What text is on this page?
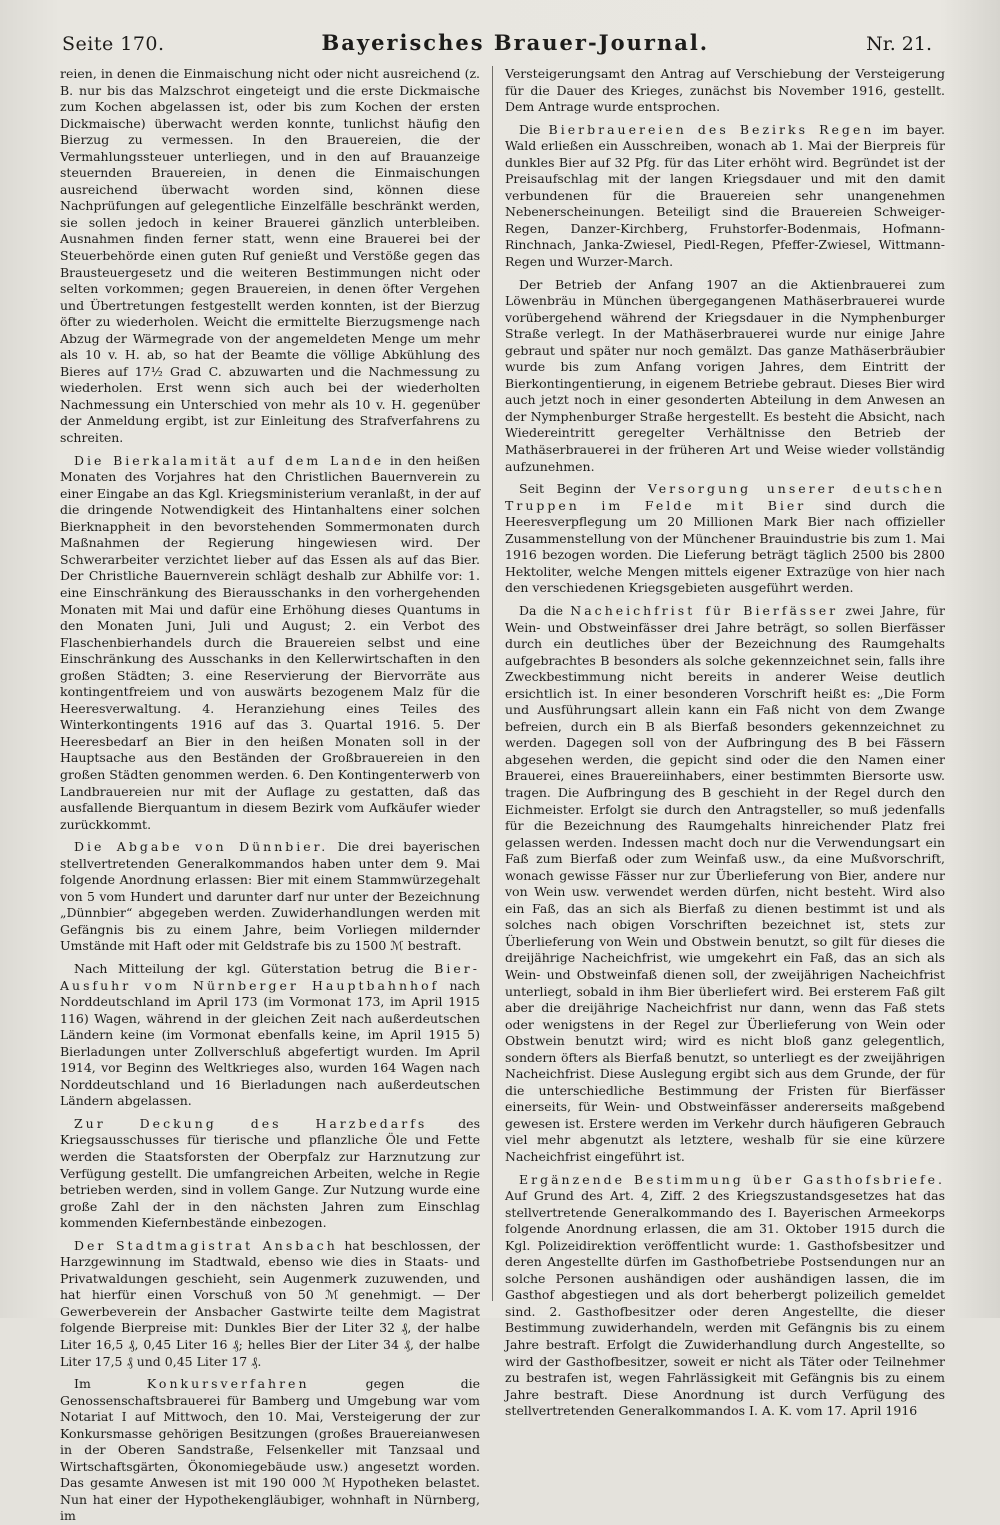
Seite 170.	Bayerisches Brauer-Journal.	Nr. 21.

reien, in denen die Einmaischung nicht oder nicht ausreichend (z. B. nur bis das Malzschrot eingeteigt und die erste Dickmaische zum Kochen abgelassen ist, oder bis zum Kochen der ersten Dickmaische) überwacht werden konnte, tunlichst häufig den Bierzug zu vermessen. In den Brauereien, die der Vermahlungssteuer unterliegen, und in den auf Brauanzeige steuernden Brauereien, in denen die Einmaischungen ausreichend überwacht worden sind, können diese Nachprüfungen auf gelegentliche Einzelfälle beschränkt werden, sie sollen jedoch in keiner Brauerei gänzlich unterbleiben. Ausnahmen finden ferner statt, wenn eine Brauerei bei der Steuerbehörde einen guten Ruf genießt und Verstöße gegen das Brausteuergesetz und die weiteren Bestimmungen nicht oder selten vorkommen; gegen Brauereien, in denen öfter Vergehen und Übertretungen festgestellt werden konnten, ist der Bierzug öfter zu wiederholen. Weicht die ermittelte Bierzugsmenge nach Abzug der Wärmegrade von der angemeldeten Menge um mehr als 10 v. H. ab, so hat der Beamte die völlige Abkühlung des Bieres auf 17½ Grad C. abzuwarten und die Nachmessung zu wiederholen. Erst wenn sich auch bei der wiederholten Nachmessung ein Unterschied von mehr als 10 v. H. gegenüber der Anmeldung ergibt, ist zur Einleitung des Strafverfahrens zu schreiten.

Die Bierkalamität auf dem Lande in den heißen Monaten des Vorjahres hat den Christlichen Bauernverein zu einer Eingabe an das Kgl. Kriegsministerium veranlaßt, in der auf die dringende Notwendigkeit des Hintanhaltens einer solchen Bierknappheit in den bevorstehenden Sommermonaten durch Maßnahmen der Regierung hingewiesen wird. Der Schwerarbeiter verzichtet lieber auf das Essen als auf das Bier. Der Christliche Bauernverein schlägt deshalb zur Abhilfe vor: 1. eine Einschränkung des Bierausschanks in den vorhergehenden Monaten mit Mai und dafür eine Erhöhung dieses Quantums in den Monaten Juni, Juli und August; 2. ein Verbot des Flaschenbierhandels durch die Brauereien selbst und eine Einschränkung des Ausschanks in den Kellerwirtschaften in den großen Städten; 3. eine Reservierung der Biervorräte aus kontingentfreiem und von auswärts bezogenem Malz für die Heeresverwaltung. 4. Heranziehung eines Teiles des Winterkontingents 1916 auf das 3. Quartal 1916. 5. Der Heeresbedarf an Bier in den heißen Monaten soll in der Hauptsache aus den Beständen der Großbrauereien in den großen Städten genommen werden. 6. Den Kontingenterwerb von Landbrauereien nur mit der Auflage zu gestatten, daß das ausfallende Bierquantum in diesem Bezirk vom Aufkäufer wieder zurückkommt.

Die Abgabe von Dünnbier. Die drei bayerischen stellvertretenden Generalkommandos haben unter dem 9. Mai folgende Anordnung erlassen: Bier mit einem Stammwürzegehalt von 5 vom Hundert und darunter darf nur unter der Bezeichnung „Dünnbier“ abgegeben werden. Zuwiderhandlungen werden mit Gefängnis bis zu einem Jahre, beim Vorliegen mildernder Umstände mit Haft oder mit Geldstrafe bis zu 1500 ℳ bestraft.

Nach Mitteilung der kgl. Güterstation betrug die Bier-Ausfuhr vom Nürnberger Hauptbahnhof nach Norddeutschland im April 173 (im Vormonat 173, im April 1915 116) Wagen, während in der gleichen Zeit nach außerdeutschen Ländern keine (im Vormonat ebenfalls keine, im April 1915 5) Bierladungen unter Zollverschluß abgefertigt wurden. Im April 1914, vor Beginn des Weltkrieges also, wurden 164 Wagen nach Norddeutschland und 16 Bierladungen nach außerdeutschen Ländern abgelassen.

Zur Deckung des Harzbedarfs des Kriegsausschusses für tierische und pflanzliche Öle und Fette werden die Staatsforsten der Oberpfalz zur Harznutzung zur Verfügung gestellt. Die umfangreichen Arbeiten, welche in Regie betrieben werden, sind in vollem Gange. Zur Nutzung wurde eine große Zahl der in den nächsten Jahren zum Einschlag kommenden Kiefernbestände einbezogen.

Der Stadtmagistrat Ansbach hat beschlossen, der Harzgewinnung im Stadtwald, ebenso wie dies in Staats- und Privatwaldungen geschieht, sein Augenmerk zuzuwenden, und hat hierfür einen Vorschuß von 50 ℳ genehmigt. — Der Gewerbeverein der Ansbacher Gastwirte teilte dem Magistrat folgende Bierpreise mit: Dunkles Bier der Liter 32 ₰, der halbe Liter 16,5 ₰, 0,45 Liter 16 ₰; helles Bier der Liter 34 ₰, der halbe Liter 17,5 ₰ und 0,45 Liter 17 ₰.

Im Konkursverfahren gegen die Genossenschaftsbrauerei für Bamberg und Umgebung war vom Notariat I auf Mittwoch, den 10. Mai, Versteigerung der zur Konkursmasse gehörigen Besitzungen (großes Brauereianwesen in der Oberen Sandstraße, Felsenkeller mit Tanzsaal und Wirtschaftsgärten, Ökonomiegebäude usw.) angesetzt worden. Das gesamte Anwesen ist mit 190 000 ℳ Hypotheken belastet. Nun hat einer der Hypothekengläubiger, wohnhaft in Nürnberg, im

Versteigerungsamt den Antrag auf Verschiebung der Versteigerung für die Dauer des Krieges, zunächst bis November 1916, gestellt. Dem Antrage wurde entsprochen.

Die Bierbrauereien des Bezirks Regen im bayer. Wald erließen ein Ausschreiben, wonach ab 1. Mai der Bierpreis für dunkles Bier auf 32 Pfg. für das Liter erhöht wird. Begründet ist der Preisaufschlag mit der langen Kriegsdauer und mit den damit verbundenen für die Brauereien sehr unangenehmen Nebenerscheinungen. Beteiligt sind die Brauereien Schweiger-Regen, Danzer-Kirchberg, Fruhstorfer-Bodenmais, Hofmann-Rinchnach, Janka-Zwiesel, Piedl-Regen, Pfeffer-Zwiesel, Wittmann-Regen und Wurzer-March.

Der Betrieb der Anfang 1907 an die Aktienbrauerei zum Löwenbräu in München übergegangenen Mathäserbrauerei wurde vorübergehend während der Kriegsdauer in die Nymphenburger Straße verlegt. In der Mathäserbrauerei wurde nur einige Jahre gebraut und später nur noch gemälzt. Das ganze Mathäserbräubier wurde bis zum Anfang vorigen Jahres, dem Eintritt der Bierkontingentierung, in eigenem Betriebe gebraut. Dieses Bier wird auch jetzt noch in einer gesonderten Abteilung in dem Anwesen an der Nymphenburger Straße hergestellt. Es besteht die Absicht, nach Wiedereintritt geregelter Verhältnisse den Betrieb der Mathäserbrauerei in der früheren Art und Weise wieder vollständig aufzunehmen.

Seit Beginn der Versorgung unserer deutschen Truppen im Felde mit Bier sind durch die Heeresverpflegung um 20 Millionen Mark Bier nach offizieller Zusammenstellung von der Münchener Brauindustrie bis zum 1. Mai 1916 bezogen worden. Die Lieferung beträgt täglich 2500 bis 2800 Hektoliter, welche Mengen mittels eigener Extrazüge von hier nach den verschiedenen Kriegsgebieten ausgeführt werden.

Da die Nacheichfrist für Bierfässer zwei Jahre, für Wein- und Obstweinfässer drei Jahre beträgt, so sollen Bierfässer durch ein deutliches über der Bezeichnung des Raumgehalts aufgebrachtes B besonders als solche gekennzeichnet sein, falls ihre Zweckbestimmung nicht bereits in anderer Weise deutlich ersichtlich ist. In einer besonderen Vorschrift heißt es: „Die Form und Ausführungsart allein kann ein Faß nicht von dem Zwange befreien, durch ein B als Bierfaß besonders gekennzeichnet zu werden. Dagegen soll von der Aufbringung des B bei Fässern abgesehen werden, die gepicht sind oder die den Namen einer Brauerei, eines Brauereiinhabers, einer bestimmten Biersorte usw. tragen. Die Aufbringung des B geschieht in der Regel durch den Eichmeister. Erfolgt sie durch den Antragsteller, so muß jedenfalls für die Bezeichnung des Raumgehalts hinreichender Platz frei gelassen werden. Indessen macht doch nur die Verwendungsart ein Faß zum Bierfaß oder zum Weinfaß usw., da eine Mußvorschrift, wonach gewisse Fässer nur zur Überlieferung von Bier, andere nur von Wein usw. verwendet werden dürfen, nicht besteht. Wird also ein Faß, das an sich als Bierfaß zu dienen bestimmt ist und als solches nach obigen Vorschriften bezeichnet ist, stets zur Überlieferung von Wein und Obstwein benutzt, so gilt für dieses die dreijährige Nacheichfrist, wie umgekehrt ein Faß, das an sich als Wein- und Obstweinfaß dienen soll, der zweijährigen Nacheichfrist unterliegt, sobald in ihm Bier überliefert wird. Bei ersterem Faß gilt aber die dreijährige Nacheichfrist nur dann, wenn das Faß stets oder wenigstens in der Regel zur Überlieferung von Wein oder Obstwein benutzt wird; wird es nicht bloß ganz gelegentlich, sondern öfters als Bierfaß benutzt, so unterliegt es der zweijährigen Nacheichfrist. Diese Auslegung ergibt sich aus dem Grunde, der für die unterschiedliche Bestimmung der Fristen für Bierfässer einerseits, für Wein- und Obstweinfässer andererseits maßgebend gewesen ist. Erstere werden im Verkehr durch häufigeren Gebrauch viel mehr abgenutzt als letztere, weshalb für sie eine kürzere Nacheichfrist eingeführt ist.

Ergänzende Bestimmung über Gasthofsbriefe. Auf Grund des Art. 4, Ziff. 2 des Kriegszustandsgesetzes hat das stellvertretende Generalkommando des I. Bayerischen Armeekorps folgende Anordnung erlassen, die am 31. Oktober 1915 durch die Kgl. Polizeidirektion veröffentlicht wurde: 1. Gasthofsbesitzer und deren Angestellte dürfen im Gasthofbetriebe Postsendungen nur an solche Personen aushändigen oder aushändigen lassen, die im Gasthof abgestiegen und als dort beherbergt polizeilich gemeldet sind. 2. Gasthofbesitzer oder deren Angestellte, die dieser Bestimmung zuwiderhandeln, werden mit Gefängnis bis zu einem Jahre bestraft. Erfolgt die Zuwiderhandlung durch Angestellte, so wird der Gasthofbesitzer, soweit er nicht als Täter oder Teilnehmer zu bestrafen ist, wegen Fahrlässigkeit mit Gefängnis bis zu einem Jahre bestraft. Diese Anordnung ist durch Verfügung des stellvertretenden Generalkommandos I. A. K. vom 17. April 1916
